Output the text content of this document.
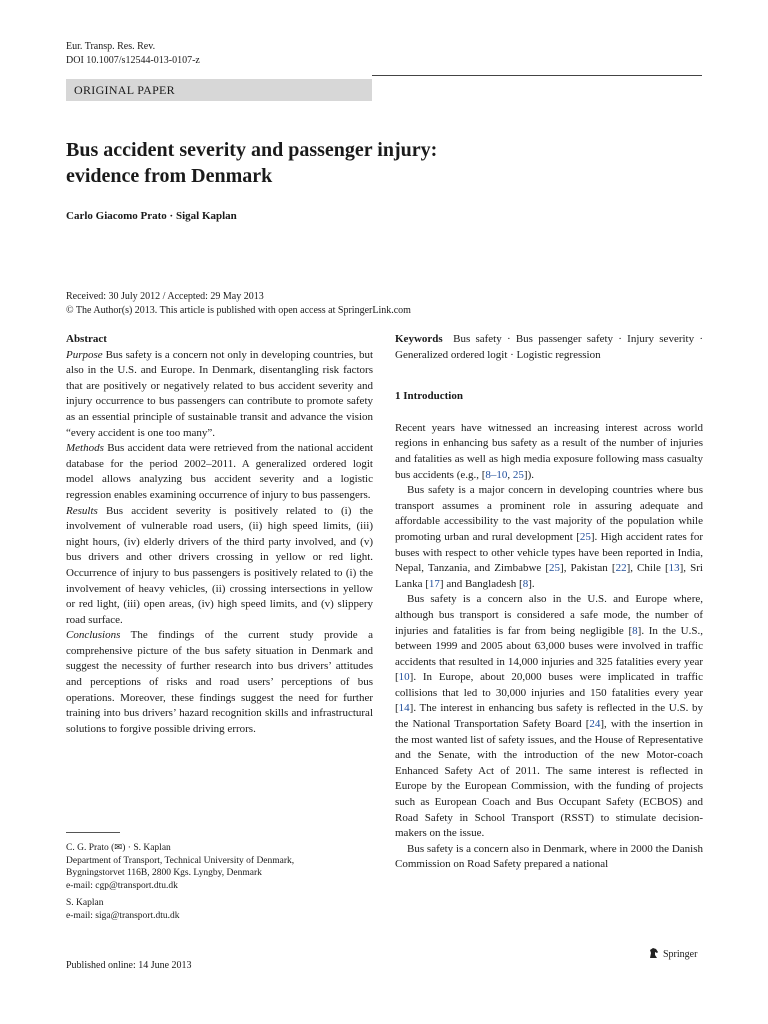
Eur. Transp. Res. Rev.
DOI 10.1007/s12544-013-0107-z
ORIGINAL PAPER
Bus accident severity and passenger injury:
evidence from Denmark
Carlo Giacomo Prato · Sigal Kaplan
Received: 30 July 2012 / Accepted: 29 May 2013
© The Author(s) 2013. This article is published with open access at SpringerLink.com

Abstract

Purpose Bus safety is a concern not only in developing countries, but also in the U.S. and Europe. In Denmark, disentangling risk factors that are positively or negatively related to bus accident severity and injury occurrence to bus passengers can contribute to promote safety as an essential principle of sustainable transit and advance the vision “every accident is one too many”.

Methods Bus accident data were retrieved from the national accident database for the period 2002–2011. A generalized ordered logit model allows analyzing bus accident severity and a logistic regression enables examining occurrence of injury to bus passengers.

Results Bus accident severity is positively related to (i) the involvement of vulnerable road users, (ii) high speed limits, (iii) night hours, (iv) elderly drivers of the third party involved, and (v) bus drivers and other drivers crossing in yellow or red light. Occurrence of injury to bus passengers is positively related to (i) the involvement of heavy vehicles, (ii) crossing intersections in yellow or red light, (iii) open areas, (iv) high speed limits, and (v) slippery road surface.

Conclusions The findings of the current study provide a comprehensive picture of the bus safety situation in Denmark and suggest the necessity of further research into bus drivers’ attitudes and perceptions of risks and road users’ perceptions of bus operations. Moreover, these findings suggest the need for further training into bus drivers’ hazard recognition skills and infrastructural solutions to forgive possible driving errors.

C. G. Prato (✉) · S. Kaplan

Department of Transport, Technical University of Denmark,

Bygningstorvet 116B, 2800 Kgs. Lyngby, Denmark

e-mail: cgp@transport.dtu.dk

S. Kaplan

e-mail: siga@transport.dtu.dk

Keywords Bus safety · Bus passenger safety · Injury severity · Generalized ordered logit · Logistic regression

1 Introduction

Recent years have witnessed an increasing interest across world regions in enhancing bus safety as a result of the number of injuries and fatalities as well as high media exposure following mass casualty bus accidents (e.g., [8–10, 25]).

Bus safety is a major concern in developing countries where bus transport assumes a prominent role in assuring adequate and affordable accessibility to the vast majority of the population while promoting urban and rural development [25]. High accident rates for buses with respect to other vehicle types have been reported in India, Nepal, Tanzania, and Zimbabwe [25], Pakistan [22], Chile [13], Sri Lanka [17] and Bangladesh [8].

Bus safety is a concern also in the U.S. and Europe where, although bus transport is considered a safe mode, the number of injuries and fatalities is far from being negligible [8]. In the U.S., between 1999 and 2005 about 63,000 buses were involved in traffic accidents that resulted in 14,000 injuries and 325 fatalities every year [10]. In Europe, about 20,000 buses were implicated in traffic collisions that led to 30,000 injuries and 150 fatalities every year [14]. The interest in enhancing bus safety is reflected in the U.S. by the National Transportation Safety Board [24], with the insertion in the most wanted list of safety issues, and the House of Representative and the Senate, with the introduction of the new Motor-coach Enhanced Safety Act of 2011. The same interest is reflected in Europe by the European Commission, with the funding of projects such as European Coach and Bus Occupant Safety (ECBOS) and Road Safety in School Transport (RSST) to stimulate decision-makers on the issue.

Bus safety is a concern also in Denmark, where in 2000 the Danish Commission on Road Safety prepared a national

Published online: 14 June 2013
Springer
